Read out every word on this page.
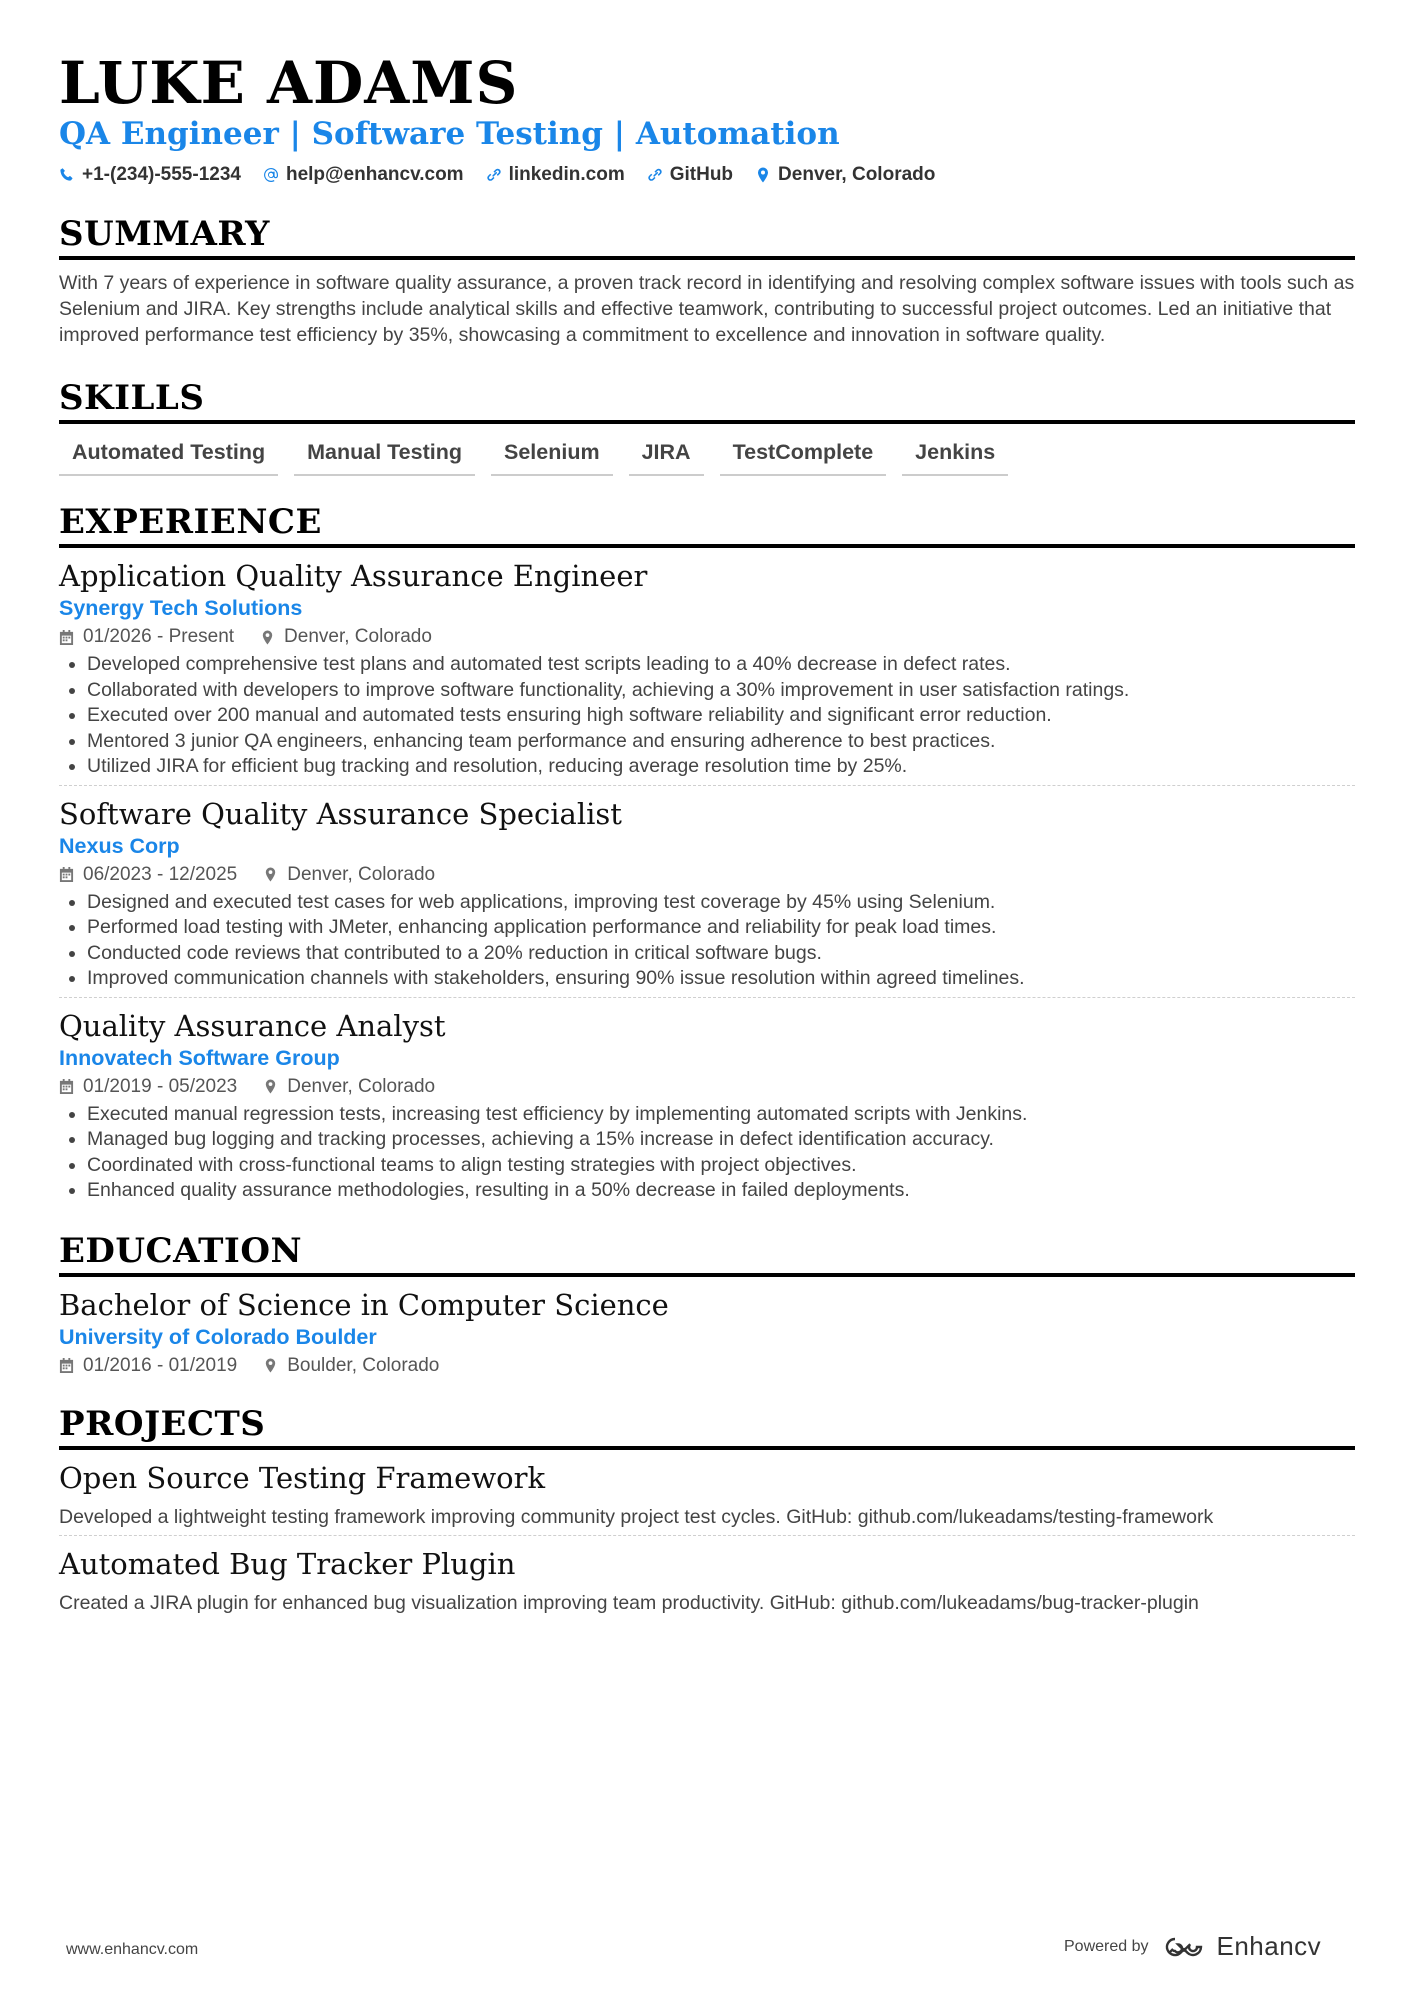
LUKE ADAMS
QA Engineer | Software Testing | Automation
+1-(234)-555-1234 help@enhancv.com linkedin.com GitHub Denver, Colorado
SUMMARY
With 7 years of experience in software quality assurance, a proven track record in identifying and resolving complex software issues with tools such as Selenium and JIRA. Key strengths include analytical skills and effective teamwork, contributing to successful project outcomes. Led an initiative that improved performance test efficiency by 35%, showcasing a commitment to excellence and innovation in software quality.
SKILLS
Automated Testing	Manual Testing	Selenium	JIRA	TestComplete	Jenkins
EXPERIENCE
Application Quality Assurance Engineer
Synergy Tech Solutions
01/2026 - Present	Denver, Colorado
• Developed comprehensive test plans and automated test scripts leading to a 40% decrease in defect rates.
• Collaborated with developers to improve software functionality, achieving a 30% improvement in user satisfaction ratings.
• Executed over 200 manual and automated tests ensuring high software reliability and significant error reduction.
• Mentored 3 junior QA engineers, enhancing team performance and ensuring adherence to best practices.
• Utilized JIRA for efficient bug tracking and resolution, reducing average resolution time by 25%.
Software Quality Assurance Specialist
Nexus Corp
06/2023 - 12/2025	Denver, Colorado
• Designed and executed test cases for web applications, improving test coverage by 45% using Selenium.
• Performed load testing with JMeter, enhancing application performance and reliability for peak load times.
• Conducted code reviews that contributed to a 20% reduction in critical software bugs.
• Improved communication channels with stakeholders, ensuring 90% issue resolution within agreed timelines.
Quality Assurance Analyst
Innovatech Software Group
01/2019 - 05/2023	Denver, Colorado
• Executed manual regression tests, increasing test efficiency by implementing automated scripts with Jenkins.
• Managed bug logging and tracking processes, achieving a 15% increase in defect identification accuracy.
• Coordinated with cross-functional teams to align testing strategies with project objectives.
• Enhanced quality assurance methodologies, resulting in a 50% decrease in failed deployments.
EDUCATION
Bachelor of Science in Computer Science
University of Colorado Boulder
01/2016 - 01/2019	Boulder, Colorado
PROJECTS
Open Source Testing Framework
Developed a lightweight testing framework improving community project test cycles. GitHub: github.com/lukeadams/testing-framework
Automated Bug Tracker Plugin
Created a JIRA plugin for enhanced bug visualization improving team productivity. GitHub: github.com/lukeadams/bug-tracker-plugin
www.enhancv.com	Powered by	Enhancv
